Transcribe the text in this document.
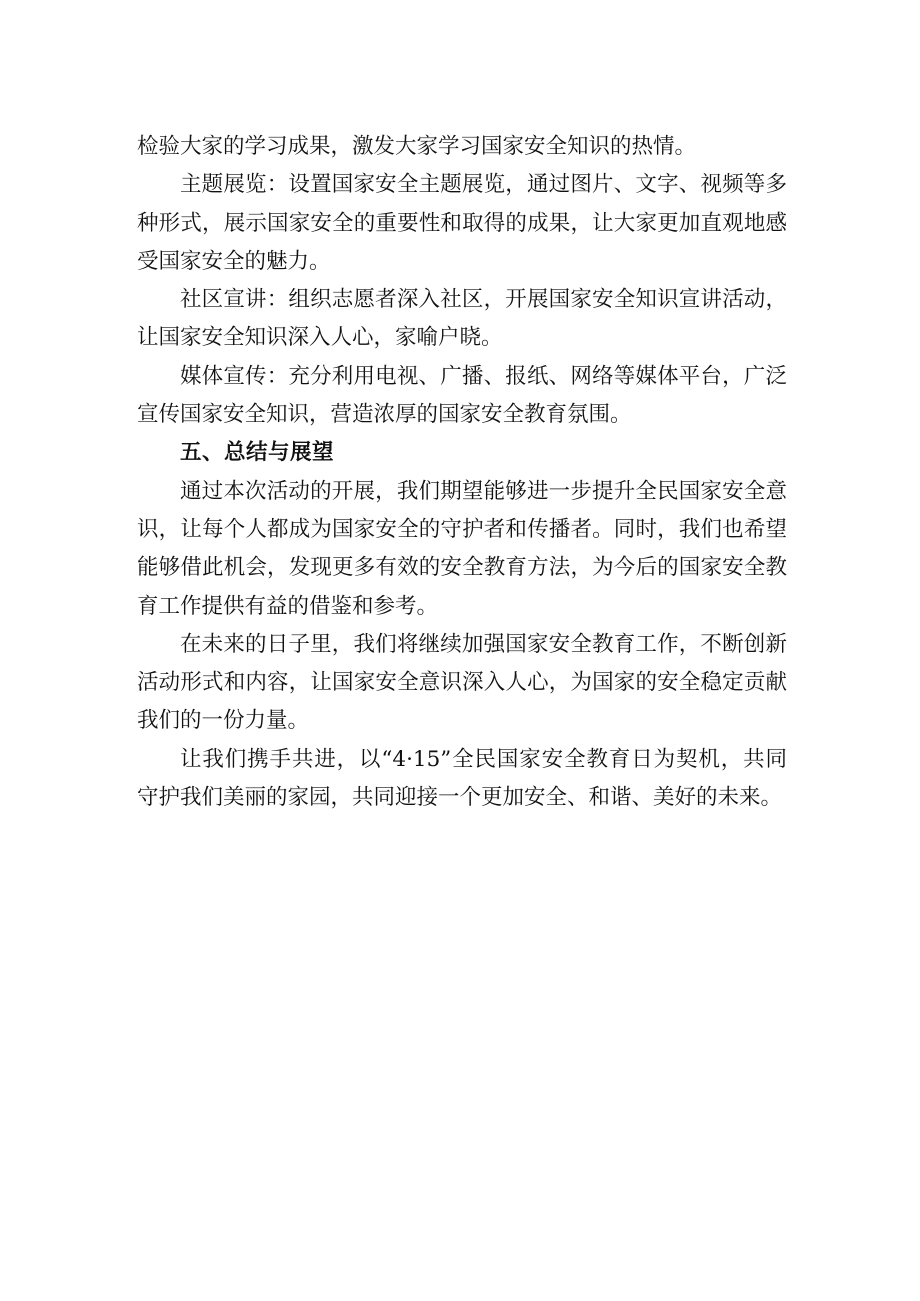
检验大家的学习成果，激发大家学习国家安全知识的热情。

主题展览：设置国家安全主题展览，通过图片、文字、视频等多种形式，展示国家安全的重要性和取得的成果，让大家更加直观地感受国家安全的魅力。

社区宣讲：组织志愿者深入社区，开展国家安全知识宣讲活动，让国家安全知识深入人心，家喻户晓。

媒体宣传：充分利用电视、广播、报纸、网络等媒体平台，广泛宣传国家安全知识，营造浓厚的国家安全教育氛围。

五、总结与展望

通过本次活动的开展，我们期望能够进一步提升全民国家安全意识，让每个人都成为国家安全的守护者和传播者。同时，我们也希望能够借此机会，发现更多有效的安全教育方法，为今后的国家安全教育工作提供有益的借鉴和参考。

在未来的日子里，我们将继续加强国家安全教育工作，不断创新活动形式和内容，让国家安全意识深入人心，为国家的安全稳定贡献我们的一份力量。

让我们携手共进，以“4·15”全民国家安全教育日为契机，共同守护我们美丽的家园，共同迎接一个更加安全、和谐、美好的未来。
